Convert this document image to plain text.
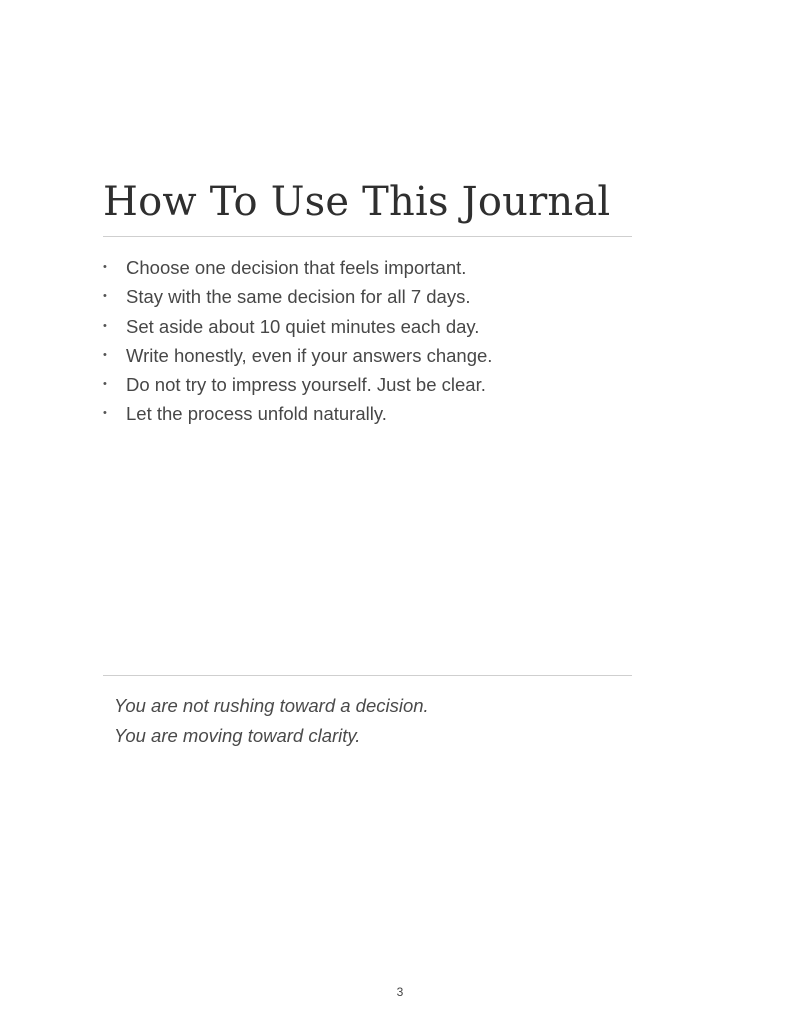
How To Use This Journal
•	Choose one decision that feels important.
•	Stay with the same decision for all 7 days.
•	Set aside about 10 quiet minutes each day.
•	Write honestly, even if your answers change.
•	Do not try to impress yourself. Just be clear.
•	Let the process unfold naturally.
You are not rushing toward a decision.
You are moving toward clarity.
3
